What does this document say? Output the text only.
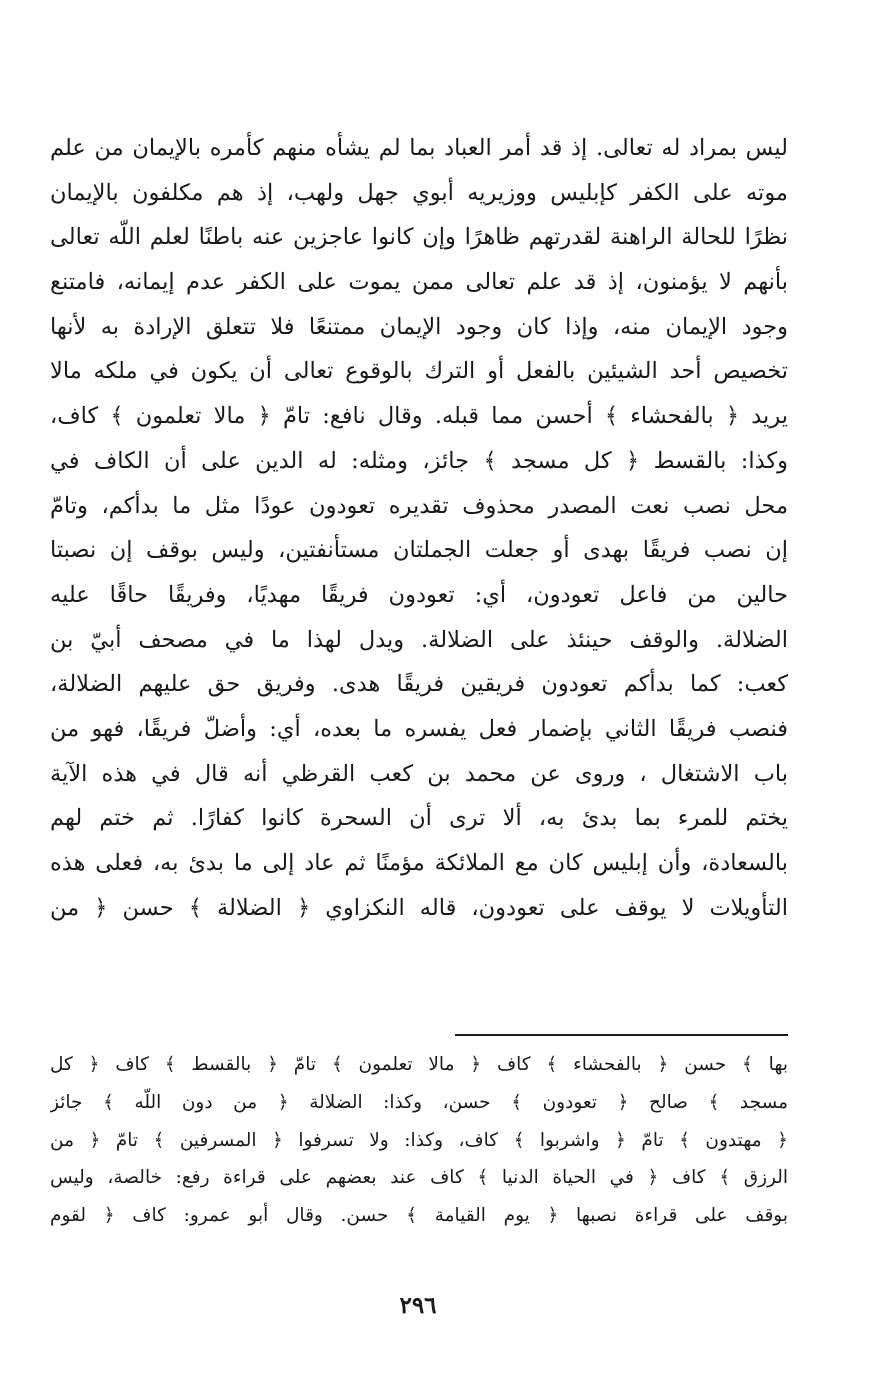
ليس بمراد له تعالى. إذ قد أمر العباد بما لم يشأه منهم كأمره بالإيمان من علم
موته على الكفر كإبليس ووزيريه أبوي جهل ولهب، إذ هم مكلفون بالإيمان
نظرًا للحالة الراهنة لقدرتهم ظاهرًا وإن كانوا عاجزين عنه باطنًا لعلم اللّه تعالى
بأنهم لا يؤمنون، إذ قد علم تعالى ممن يموت على الكفر عدم إيمانه، فامتنع
وجود الإيمان منه، وإذا كان وجود الإيمان ممتنعًا فلا تتعلق الإرادة به لأنها
تخصيص أحد الشيئين بالفعل أو الترك بالوقوع تعالى أن يكون في ملكه مالا
يريد ﴿ بالفحشاء ﴾ أحسن مما قبله. وقال نافع: تامّ ﴿ مالا تعلمون ﴾ كاف،
وكذا: بالقسط ﴿ كل مسجد ﴾ جائز، ومثله: له الدين على أن الكاف في
محل نصب نعت المصدر محذوف تقديره تعودون عودًا مثل ما بدأكم، وتامّ
إن نصب فريقًا بهدى أو جعلت الجملتان مستأنفتين، وليس بوقف إن نصبتا
حالين من فاعل تعودون، أي: تعودون فريقًا مهديًا، وفريقًا حاقًا عليه
الضلالة. والوقف حينئذ على الضلالة. ويدل لهذا ما في مصحف أبيّ بن
كعب: كما بدأكم تعودون فريقين فريقًا هدى. وفريق حق عليهم الضلالة،
فنصب فريقًا الثاني بإضمار فعل يفسره ما بعده، أي: وأضلّ فريقًا، فهو من
باب الاشتغال ، وروى عن محمد بن كعب القرظي أنه قال في هذه الآية
يختم للمرء بما بدئ به، ألا ترى أن السحرة كانوا كفارًا. ثم ختم لهم
بالسعادة، وأن إبليس كان مع الملائكة مؤمنًا ثم عاد إلى ما بدئ به، فعلى هذه
التأويلات لا يوقف على تعودون، قاله النكزاوي ﴿ الضلالة ﴾ حسن ﴿ من
بها ﴾ حسن ﴿ بالفحشاء ﴾ كاف ﴿ مالا تعلمون ﴾ تامّ ﴿ بالقسط ﴾ كاف ﴿ كل
مسجد ﴾ صالح ﴿ تعودون ﴾ حسن، وكذا: الضلالة ﴿ من دون اللّه ﴾ جائز
﴿ مهتدون ﴾ تامّ ﴿ واشربوا ﴾ كاف، وكذا: ولا تسرفوا ﴿ المسرفين ﴾ تامّ ﴿ من
الرزق ﴾ كاف ﴿ في الحياة الدنيا ﴾ كاف عند بعضهم على قراءة رفع: خالصة، وليس
بوقف على قراءة نصبها ﴿ يوم القيامة ﴾ حسن. وقال أبو عمرو: كاف ﴿ لقوم
٢٩٦
